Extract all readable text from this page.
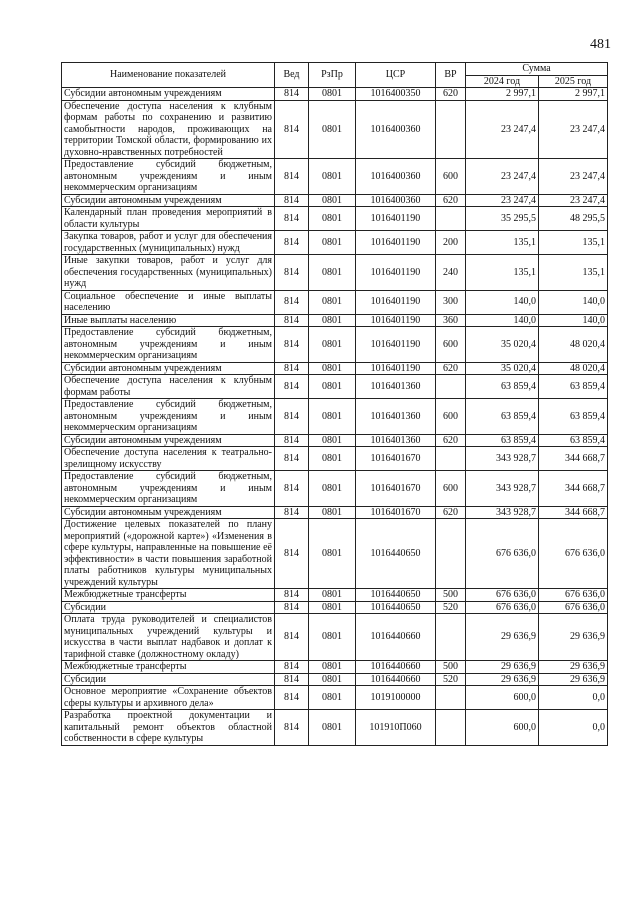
481
Наименование показателей	Вед	РзПр	ЦСР	ВР	Сумма	
					2024 год	2025 год
Субсидии автономным учреждениям	814	0801	1016400350	620	2 997,1	2 997,1
Обеспечение доступа населения к клубным формам работы по сохранению и развитию самобытности народов, проживающих на территории Томской области, формированию их духовно-нравственных потребностей	814	0801	1016400360		23 247,4	23 247,4
Предоставление субсидий бюджетным, автономным учреждениям и иным некоммерческим организациям	814	0801	1016400360	600	23 247,4	23 247,4
Субсидии автономным учреждениям	814	0801	1016400360	620	23 247,4	23 247,4
Календарный план проведения мероприятий в области культуры	814	0801	1016401190		35 295,5	48 295,5
Закупка товаров, работ и услуг для обеспечения государственных (муниципальных) нужд	814	0801	1016401190	200	135,1	135,1
Иные закупки товаров, работ и услуг для обеспечения государственных (муниципальных) нужд	814	0801	1016401190	240	135,1	135,1
Социальное обеспечение и иные выплаты населению	814	0801	1016401190	300	140,0	140,0
Иные выплаты населению	814	0801	1016401190	360	140,0	140,0
Предоставление субсидий бюджетным, автономным учреждениям и иным некоммерческим организациям	814	0801	1016401190	600	35 020,4	48 020,4
Субсидии автономным учреждениям	814	0801	1016401190	620	35 020,4	48 020,4
Обеспечение доступа населения к клубным формам работы	814	0801	1016401360		63 859,4	63 859,4
Предоставление субсидий бюджетным, автономным учреждениям и иным некоммерческим организациям	814	0801	1016401360	600	63 859,4	63 859,4
Субсидии автономным учреждениям	814	0801	1016401360	620	63 859,4	63 859,4
Обеспечение доступа населения к театрально-зрелищному искусству	814	0801	1016401670		343 928,7	344 668,7
Предоставление субсидий бюджетным, автономным учреждениям и иным некоммерческим организациям	814	0801	1016401670	600	343 928,7	344 668,7
Субсидии автономным учреждениям	814	0801	1016401670	620	343 928,7	344 668,7
Достижение целевых показателей по плану мероприятий («дорожной карте») «Изменения в сфере культуры, направленные на повышение её эффективности» в части повышения заработной платы работников культуры муниципальных учреждений культуры	814	0801	1016440650		676 636,0	676 636,0
Межбюджетные трансферты	814	0801	1016440650	500	676 636,0	676 636,0
Субсидии	814	0801	1016440650	520	676 636,0	676 636,0
Оплата труда руководителей и специалистов муниципальных учреждений культуры и искусства в части выплат надбавок и доплат к тарифной ставке (должностному окладу)	814	0801	1016440660		29 636,9	29 636,9
Межбюджетные трансферты	814	0801	1016440660	500	29 636,9	29 636,9
Субсидии	814	0801	1016440660	520	29 636,9	29 636,9
Основное мероприятие «Сохранение объектов сферы культуры и архивного дела»	814	0801	1019100000		600,0	0,0
Разработка проектной документации и капитальный ремонт объектов областной собственности в сфере культуры	814	0801	101910П060		600,0	0,0
